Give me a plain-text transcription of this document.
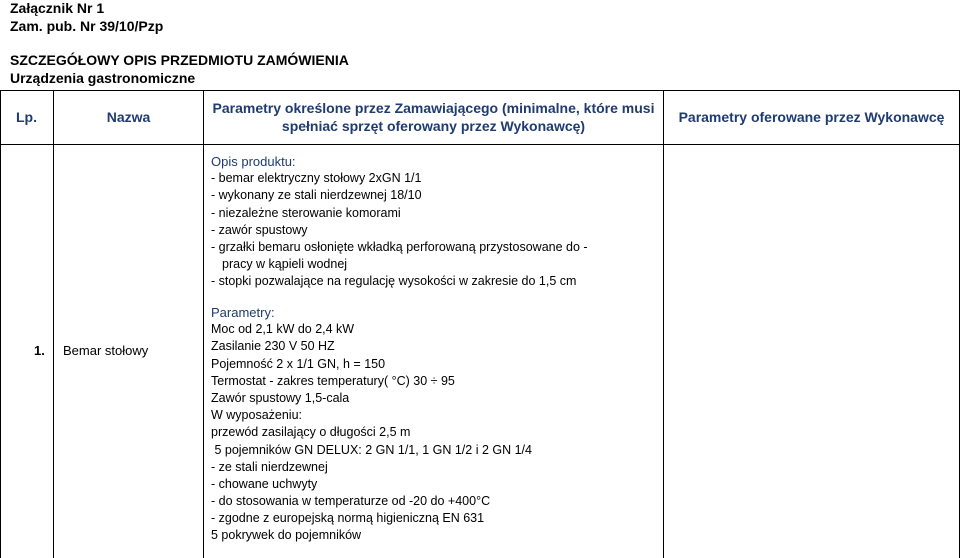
Załącznik Nr 1
Zam. pub. Nr 39/10/Pzp
SZCZEGÓŁOWY OPIS PRZEDMIOTU ZAMÓWIENIA
Urządzenia gastronomiczne
Lp.	Nazwa
Parametry określone przez Zamawiającego (minimalne, które musi
spełniać sprzęt oferowany przez Wykonawcę)
Parametry oferowane przez Wykonawcę
1. Bemar stołowy
Opis produktu:
- bemar elektryczny stołowy 2xGN 1/1
- wykonany ze stali nierdzewnej 18/10
- niezależne sterowanie komorami
- zawór spustowy
- grzałki bemaru osłonięte wkładką perforowaną przystosowane do -
pracy w kąpieli wodnej
- stopki pozwalające na regulację wysokości w zakresie do 1,5 cm
Parametry:
Moc od 2,1 kW do 2,4 kW
Zasilanie 230 V 50 HZ
Pojemność 2 x 1/1 GN, h = 150
Termostat - zakres temperatury( °C) 30 ÷ 95
Zawór spustowy 1,5-cala
W wyposażeniu:
przewód zasilający o długości 2,5 m
5 pojemników GN DELUX: 2 GN 1/1, 1 GN 1/2 i 2 GN 1/4
- ze stali nierdzewnej
- chowane uchwyty
- do stosowania w temperaturze od -20 do +400°C
- zgodne z europejską normą higieniczną EN 631
5 pokrywek do pojemników
